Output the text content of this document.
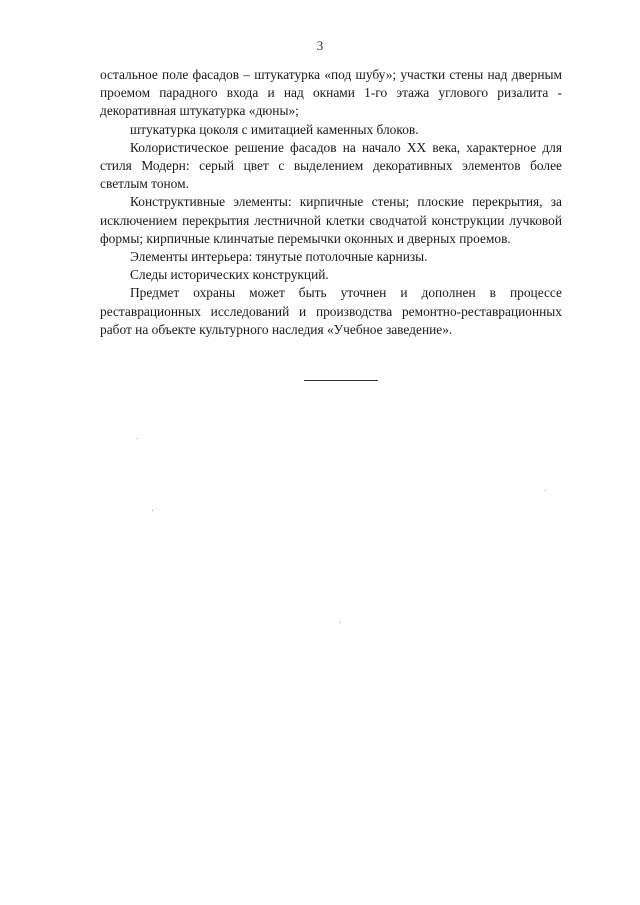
3

остальное поле фасадов – штукатурка «под шубу»; участки стены над дверным проемом парадного входа и над окнами 1-го этажа углового ризалита - декоративная штукатурка «дюны»;

штукатурка цоколя с имитацией каменных блоков.

Колористическое решение фасадов на начало XX века, характерное для стиля Модерн: серый цвет с выделением декоративных элементов более светлым тоном.

Конструктивные элементы: кирпичные стены; плоские перекрытия, за исключением перекрытия лестничной клетки сводчатой конструкции лучковой формы; кирпичные клинчатые перемычки оконных и дверных проемов.

Элементы интерьера: тянутые потолочные карнизы.

Следы исторических конструкций.

Предмет охраны может быть уточнен и дополнен в процессе реставрационных исследований и производства ремонтно-реставрационных работ на объекте культурного наследия «Учебное заведение».
